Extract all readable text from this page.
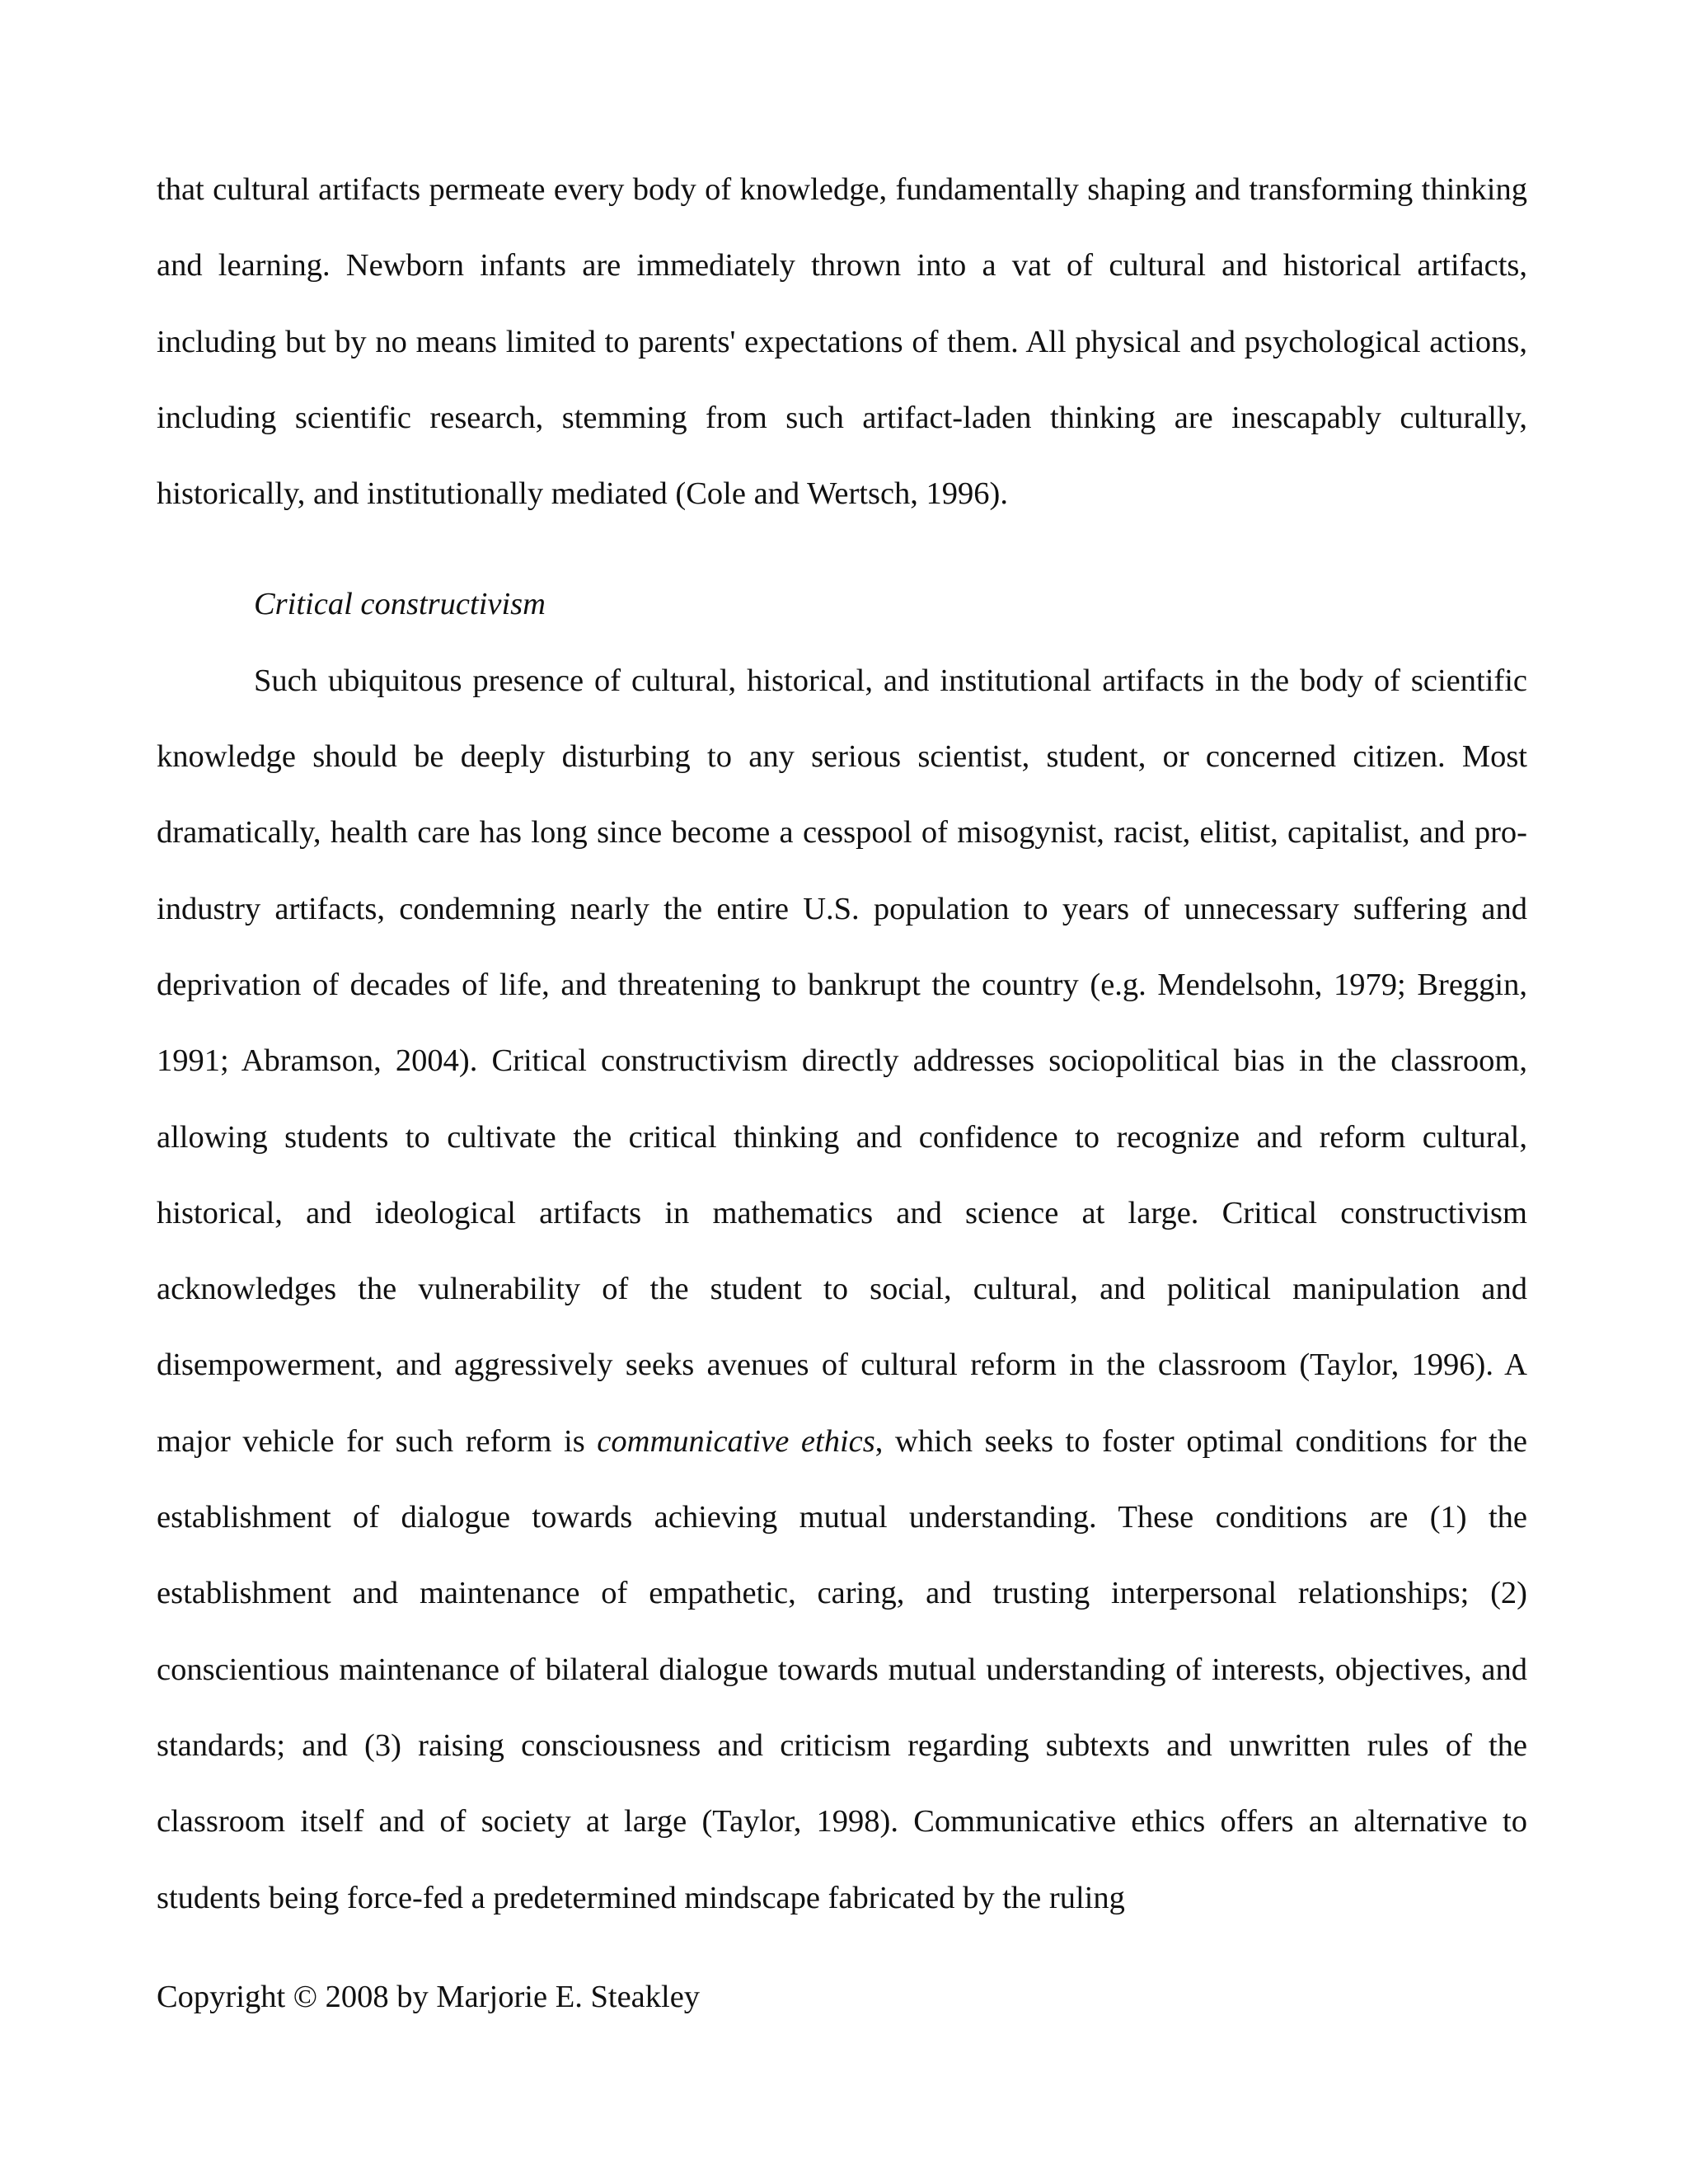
that cultural artifacts permeate every body of knowledge, fundamentally shaping and transforming thinking and learning. Newborn infants are immediately thrown into a vat of cultural and historical artifacts, including but by no means limited to parents' expectations of them. All physical and psychological actions, including scientific research, stemming from such artifact-laden thinking are inescapably culturally, historically, and institutionally mediated (Cole and Wertsch, 1996).

Critical constructivism

Such ubiquitous presence of cultural, historical, and institutional artifacts in the body of scientific knowledge should be deeply disturbing to any serious scientist, student, or concerned citizen. Most dramatically, health care has long since become a cesspool of misogynist, racist, elitist, capitalist, and pro-industry artifacts, condemning nearly the entire U.S. population to years of unnecessary suffering and deprivation of decades of life, and threatening to bankrupt the country (e.g. Mendelsohn, 1979; Breggin, 1991; Abramson, 2004). Critical constructivism directly addresses sociopolitical bias in the classroom, allowing students to cultivate the critical thinking and confidence to recognize and reform cultural, historical, and ideological artifacts in mathematics and science at large. Critical constructivism acknowledges the vulnerability of the student to social, cultural, and political manipulation and disempowerment, and aggressively seeks avenues of cultural reform in the classroom (Taylor, 1996). A major vehicle for such reform is communicative ethics, which seeks to foster optimal conditions for the establishment of dialogue towards achieving mutual understanding. These conditions are (1) the establishment and maintenance of empathetic, caring, and trusting interpersonal relationships; (2) conscientious maintenance of bilateral dialogue towards mutual understanding of interests, objectives, and standards; and (3) raising consciousness and criticism regarding subtexts and unwritten rules of the classroom itself and of society at large (Taylor, 1998). Communicative ethics offers an alternative to students being force-fed a predetermined mindscape fabricated by the ruling

Copyright © 2008 by Marjorie E. Steakley
